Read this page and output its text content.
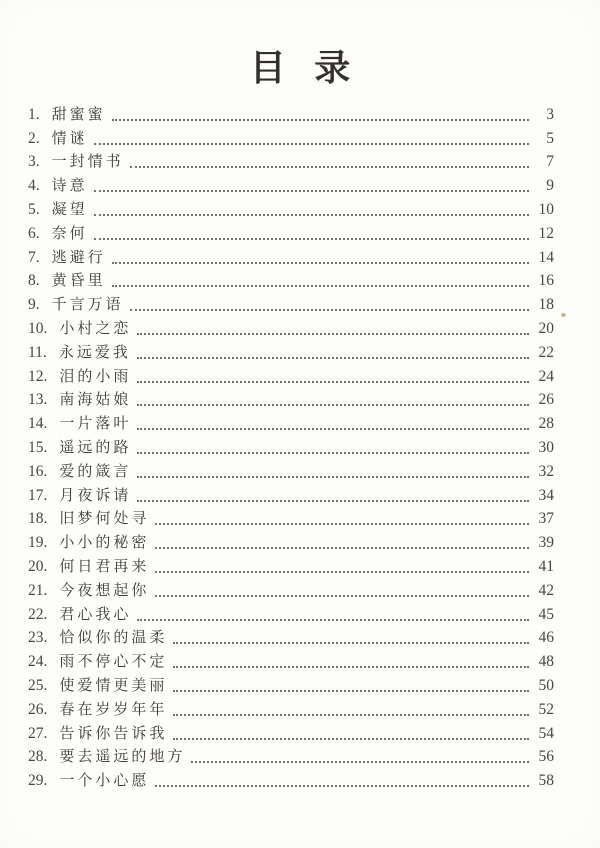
目 录
1. 甜蜜蜜	3
2. 情谜	5
3. 一封情书	7
4. 诗意	9
5. 凝望	10
6. 奈何	12
7. 逃避行	14
8. 黄昏里	16
9. 千言万语	18
10. 小村之恋	20
11. 永远爱我	22
12. 泪的小雨	24
13. 南海姑娘	26
14. 一片落叶	28
15. 遥远的路	30
16. 爱的箴言	32
17. 月夜诉请	34
18. 旧梦何处寻	37
19. 小小的秘密	39
20. 何日君再来	41
21. 今夜想起你	42
22. 君心我心	45
23. 恰似你的温柔	46
24. 雨不停心不定	48
25. 使爱情更美丽	50
26. 春在岁岁年年	52
27. 告诉你告诉我	54
28. 要去遥远的地方	56
29. 一个小心愿	58
